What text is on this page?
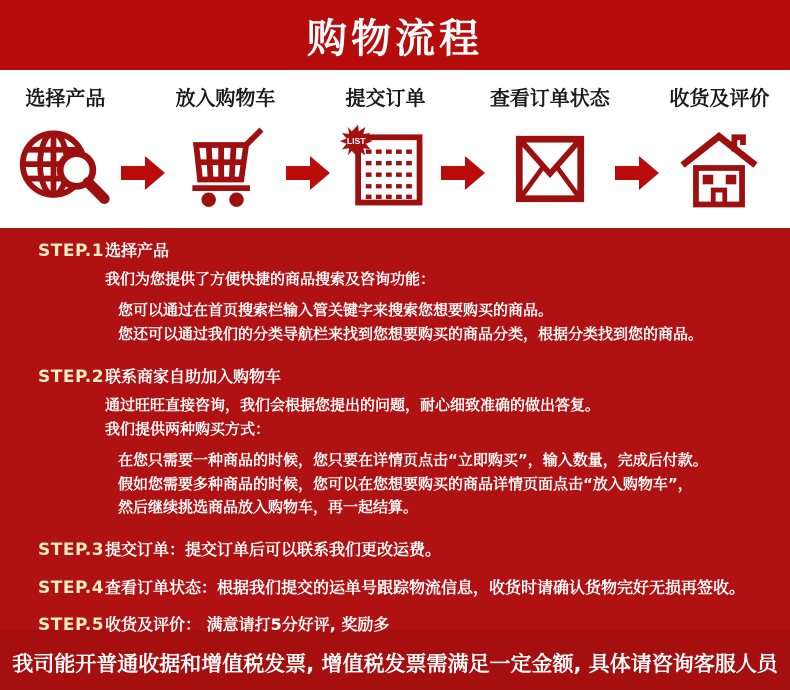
购物流程
选择产品	放入购物车	提交订单
LIST
查看订单状态	收货及评价
STEP.1 选择产品
我们为您提供了方便快捷的商品搜索及咨询功能：
您可以通过在首页搜索栏输入管关键字来搜索您想要购买的商品。
您还可以通过我们的分类导航栏来找到您想要购买的商品分类，根据分类找到您的商品。
STEP.2 联系商家自助加入购物车
通过旺旺直接咨询，我们会根据您提出的问题，耐心细致准确的做出答复。
我们提供两种购买方式：
在您只需要一种商品的时候，您只要在详情页点击“立即购买”，输入数量，完成后付款。
假如您需要多种商品的时候，您可以在您想要购买的商品详情页面点击“放入购物车”，
然后继续挑选商品放入购物车，再一起结算。
STEP.3 提交订单：提交订单后可以联系我们更改运费。
STEP.4 查看订单状态：根据我们提交的运单号跟踪物流信息，收货时请确认货物完好无损再签收。
STEP.5 收货及评价： 满意请打5分好评, 奖励多
我司能开普通收据和增值税发票, 增值税发票需满足一定金额, 具体请咨询客服人员
